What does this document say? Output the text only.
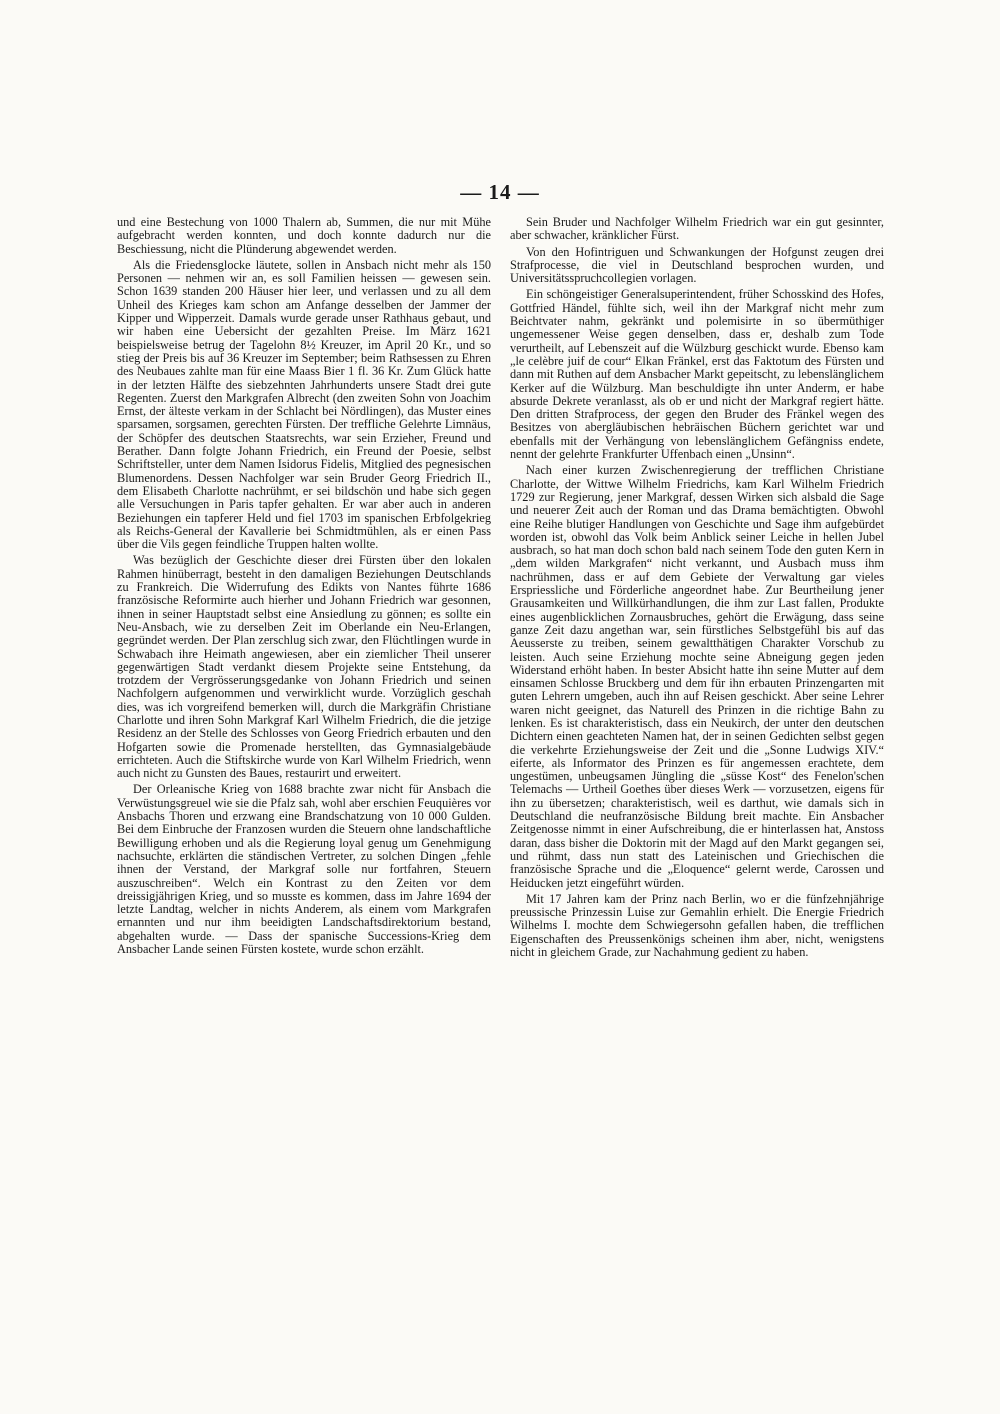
— 14 —

und eine Bestechung von 1000 Thalern ab, Summen, die nur mit Mühe aufgebracht werden konnten, und doch konnte dadurch nur die Beschiessung, nicht die Plünderung abgewendet werden.

Als die Friedensglocke läutete, sollen in Ansbach nicht mehr als 150 Personen — nehmen wir an, es soll Familien heissen — gewesen sein. Schon 1639 standen 200 Häuser hier leer, und verlassen und zu all dem Unheil des Krieges kam schon am Anfange desselben der Jammer der Kipper und Wipperzeit. Damals wurde gerade unser Rathhaus gebaut, und wir haben eine Uebersicht der gezahlten Preise. Im März 1621 beispielsweise betrug der Tagelohn 8½ Kreuzer, im April 20 Kr., und so stieg der Preis bis auf 36 Kreuzer im September; beim Rathsessen zu Ehren des Neubaues zahlte man für eine Maass Bier 1 fl. 36 Kr. Zum Glück hatte in der letzten Hälfte des siebzehnten Jahrhunderts unsere Stadt drei gute Regenten. Zuerst den Markgrafen Albrecht (den zweiten Sohn von Joachim Ernst, der älteste verkam in der Schlacht bei Nördlingen), das Muster eines sparsamen, sorgsamen, gerechten Fürsten. Der treffliche Gelehrte Limnäus, der Schöpfer des deutschen Staatsrechts, war sein Erzieher, Freund und Berather. Dann folgte Johann Friedrich, ein Freund der Poesie, selbst Schriftsteller, unter dem Namen Isidorus Fidelis, Mitglied des pegnesischen Blumenordens. Dessen Nachfolger war sein Bruder Georg Friedrich II., dem Elisabeth Charlotte nachrühmt, er sei bildschön und habe sich gegen alle Versuchungen in Paris tapfer gehalten. Er war aber auch in anderen Beziehungen ein tapferer Held und fiel 1703 im spanischen Erbfolgekrieg als Reichs-General der Kavallerie bei Schmidtmühlen, als er einen Pass über die Vils gegen feindliche Truppen halten wollte.

Was bezüglich der Geschichte dieser drei Fürsten über den lokalen Rahmen hinüberragt, besteht in den damaligen Beziehungen Deutschlands zu Frankreich. Die Widerrufung des Edikts von Nantes führte 1686 französische Reformirte auch hierher und Johann Friedrich war gesonnen, ihnen in seiner Hauptstadt selbst eine Ansiedlung zu gönnen; es sollte ein Neu-Ansbach, wie zu derselben Zeit im Oberlande ein Neu-Erlangen, gegründet werden. Der Plan zerschlug sich zwar, den Flüchtlingen wurde in Schwabach ihre Heimath angewiesen, aber ein ziemlicher Theil unserer gegenwärtigen Stadt verdankt diesem Projekte seine Entstehung, da trotzdem der Vergrösserungsgedanke von Johann Friedrich und seinen Nachfolgern aufgenommen und verwirklicht wurde. Vorzüglich geschah dies, was ich vorgreifend bemerken will, durch die Markgräfin Christiane Charlotte und ihren Sohn Markgraf Karl Wilhelm Friedrich, die die jetzige Residenz an der Stelle des Schlosses von Georg Friedrich erbauten und den Hofgarten sowie die Promenade herstellten, das Gymnasialgebäude errichteten. Auch die Stiftskirche wurde von Karl Wilhelm Friedrich, wenn auch nicht zu Gunsten des Baues, restaurirt und erweitert.

Der Orleanische Krieg von 1688 brachte zwar nicht für Ansbach die Verwüstungsgreuel wie sie die Pfalz sah, wohl aber erschien Feuquières vor Ansbachs Thoren und erzwang eine Brandschatzung von 10 000 Gulden. Bei dem Einbruche der Franzosen wurden die Steuern ohne landschaftliche Bewilligung erhoben und als die Regierung loyal genug um Genehmigung nachsuchte, erklärten die ständischen Vertreter, zu solchen Dingen „fehle ihnen der Verstand, der Markgraf solle nur fortfahren, Steuern auszuschreiben“. Welch ein Kontrast zu den Zeiten vor dem dreissigjährigen Krieg, und so musste es kommen, dass im Jahre 1694 der letzte Landtag, welcher in nichts Anderem, als einem vom Markgrafen ernannten und nur ihm beeidigten Landschaftsdirektorium bestand, abgehalten wurde. — Dass der spanische Successions-Krieg dem Ansbacher Lande seinen Fürsten kostete, wurde schon erzählt.

Sein Bruder und Nachfolger Wilhelm Friedrich war ein gut gesinnter, aber schwacher, kränklicher Fürst.

Von den Hofintriguen und Schwankungen der Hofgunst zeugen drei Strafprocesse, die viel in Deutschland besprochen wurden, und Universitätsspruchcollegien vorlagen.

Ein schöngeistiger Generalsuperintendent, früher Schosskind des Hofes, Gottfried Händel, fühlte sich, weil ihn der Markgraf nicht mehr zum Beichtvater nahm, gekränkt und polemisirte in so übermüthiger ungemessener Weise gegen denselben, dass er, deshalb zum Tode verurtheilt, auf Lebenszeit auf die Wülzburg geschickt wurde. Ebenso kam „le celèbre juif de cour“ Elkan Fränkel, erst das Faktotum des Fürsten und dann mit Ruthen auf dem Ansbacher Markt gepeitscht, zu lebenslänglichem Kerker auf die Wülzburg. Man beschuldigte ihn unter Anderm, er habe absurde Dekrete veranlasst, als ob er und nicht der Markgraf regiert hätte. Den dritten Strafprocess, der gegen den Bruder des Fränkel wegen des Besitzes von abergläubischen hebräischen Büchern gerichtet war und ebenfalls mit der Verhängung von lebenslänglichem Gefängniss endete, nennt der gelehrte Frankfurter Uffenbach einen „Unsinn“.

Nach einer kurzen Zwischenregierung der trefflichen Christiane Charlotte, der Wittwe Wilhelm Friedrichs, kam Karl Wilhelm Friedrich 1729 zur Regierung, jener Markgraf, dessen Wirken sich alsbald die Sage und neuerer Zeit auch der Roman und das Drama bemächtigten. Obwohl eine Reihe blutiger Handlungen von Geschichte und Sage ihm aufgebürdet worden ist, obwohl das Volk beim Anblick seiner Leiche in hellen Jubel ausbrach, so hat man doch schon bald nach seinem Tode den guten Kern in „dem wilden Markgrafen“ nicht verkannt, und Ausbach muss ihm nachrühmen, dass er auf dem Gebiete der Verwaltung gar vieles Erspriessliche und Förderliche angeordnet habe. Zur Beurtheilung jener Grausamkeiten und Willkürhandlungen, die ihm zur Last fallen, Produkte eines augenblicklichen Zornausbruches, gehört die Erwägung, dass seine ganze Zeit dazu angethan war, sein fürstliches Selbstgefühl bis auf das Aeusserste zu treiben, seinem gewaltthätigen Charakter Vorschub zu leisten. Auch seine Erziehung mochte seine Abneigung gegen jeden Widerstand erhöht haben. In bester Absicht hatte ihn seine Mutter auf dem einsamen Schlosse Bruckberg und dem für ihn erbauten Prinzengarten mit guten Lehrern umgeben, auch ihn auf Reisen geschickt. Aber seine Lehrer waren nicht geeignet, das Naturell des Prinzen in die richtige Bahn zu lenken. Es ist charakteristisch, dass ein Neukirch, der unter den deutschen Dichtern einen geachteten Namen hat, der in seinen Gedichten selbst gegen die verkehrte Erziehungsweise der Zeit und die „Sonne Ludwigs XIV.“ eiferte, als Informator des Prinzen es für angemessen erachtete, dem ungestümen, unbeugsamen Jüngling die „süsse Kost“ des Fenelon'schen Telemachs — Urtheil Goethes über dieses Werk — vorzusetzen, eigens für ihn zu übersetzen; charakteristisch, weil es darthut, wie damals sich in Deutschland die neufranzösische Bildung breit machte. Ein Ansbacher Zeitgenosse nimmt in einer Aufschreibung, die er hinterlassen hat, Anstoss daran, dass bisher die Doktorin mit der Magd auf den Markt gegangen sei, und rühmt, dass nun statt des Lateinischen und Griechischen die französische Sprache und die „Eloquence“ gelernt werde, Carossen und Heiducken jetzt eingeführt würden.

Mit 17 Jahren kam der Prinz nach Berlin, wo er die fünfzehnjährige preussische Prinzessin Luise zur Gemahlin erhielt. Die Energie Friedrich Wilhelms I. mochte dem Schwiegersohn gefallen haben, die trefflichen Eigenschaften des Preussenkönigs scheinen ihm aber, nicht, wenigstens nicht in gleichem Grade, zur Nachahmung gedient zu haben.
